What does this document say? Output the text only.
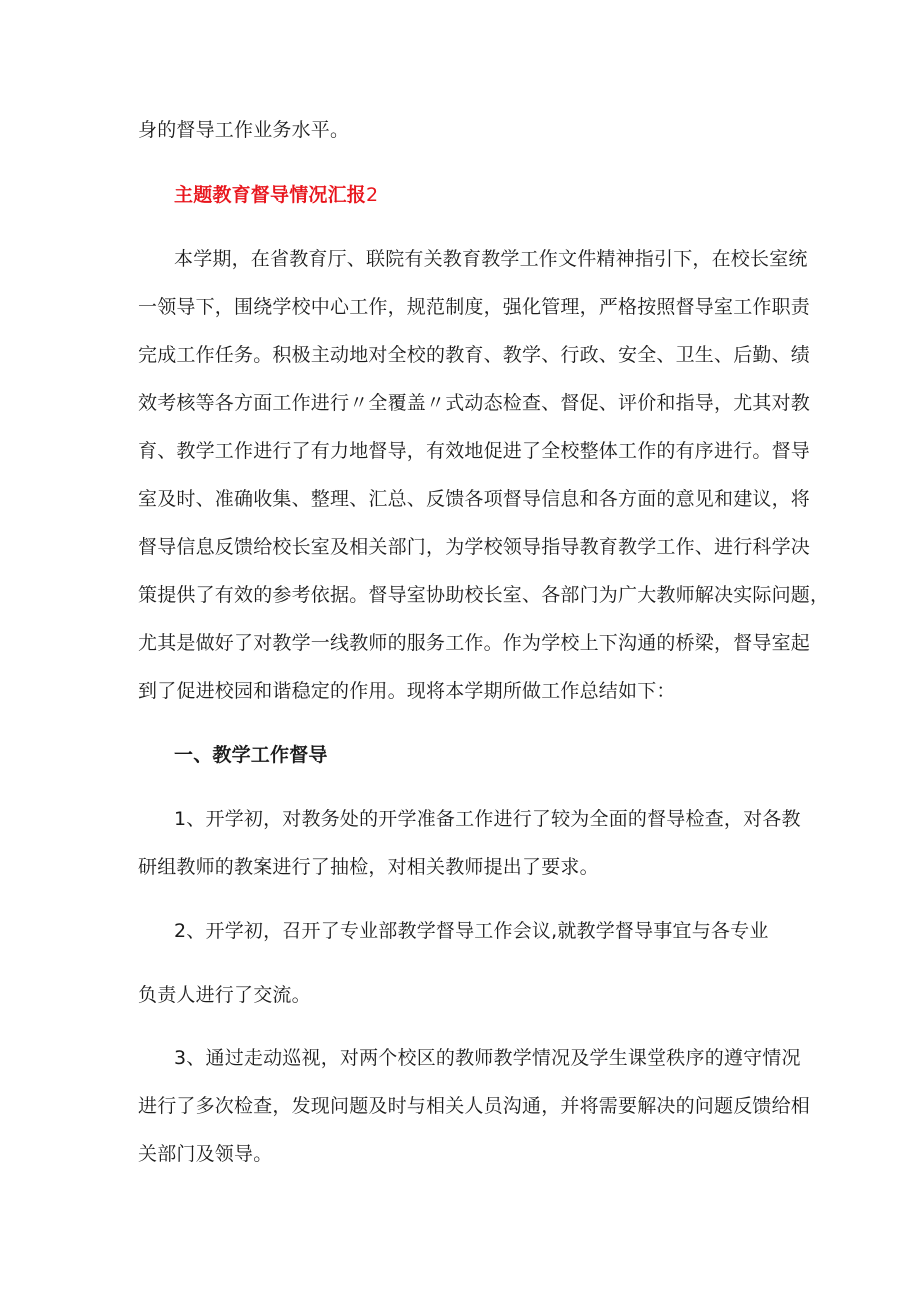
身的督导工作业务水平。
主题教育督导情况汇报2
本学期，在省教育厅、联院有关教育教学工作文件精神指引下，在校长室统
一领导下，围绕学校中心工作，规范制度，强化管理，严格按照督导室工作职责
完成工作任务。积极主动地对全校的教育、教学、行政、安全、卫生、后勤、绩
效考核等各方面工作进行〃全覆盖〃式动态检查、督促、评价和指导，尤其对教
育、教学工作进行了有力地督导，有效地促进了全校整体工作的有序进行。督导
室及时、准确收集、整理、汇总、反馈各项督导信息和各方面的意见和建议，将
督导信息反馈给校长室及相关部门，为学校领导指导教育教学工作、进行科学决
策提供了有效的参考依据。督导室协助校长室、各部门为广大教师解决实际问题，
尤其是做好了对教学一线教师的服务工作。作为学校上下沟通的桥梁，督导室起
到了促进校园和谐稳定的作用。现将本学期所做工作总结如下：
一、教学工作督导
1、开学初，对教务处的开学准备工作进行了较为全面的督导检查，对各教
研组教师的教案进行了抽检，对相关教师提出了要求。
2、开学初，召开了专业部教学督导工作会议,就教学督导事宜与各专业
负责人进行了交流。
3、通过走动巡视，对两个校区的教师教学情况及学生课堂秩序的遵守情况
进行了多次检查，发现问题及时与相关人员沟通，并将需要解决的问题反馈给相
关部门及领导。
